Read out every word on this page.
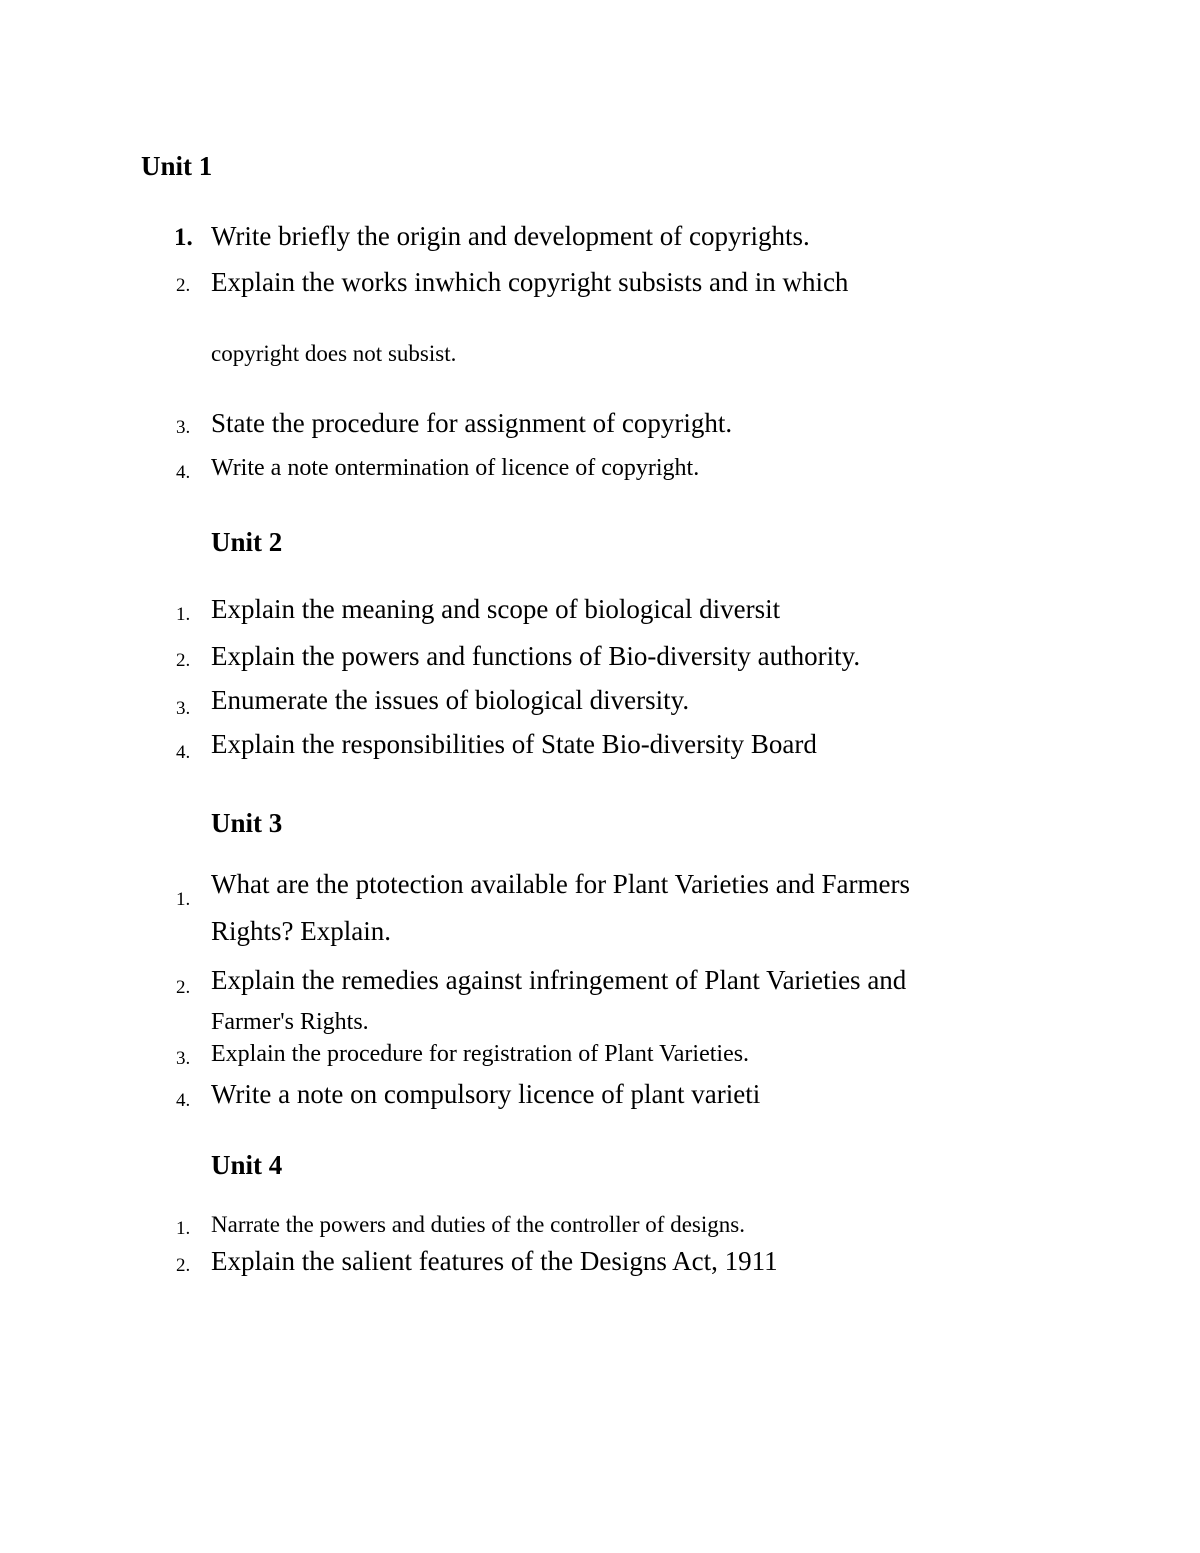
Unit 1
1. Write briefly the origin and development of copyrights.
2. Explain the works inwhich copyright subsists and in which
copyright does not subsist.
3. State the procedure for assignment of copyright.
4. Write a note ontermination of licence of copyright.
Unit 2
1. Explain the meaning and scope of biological diversit
2. Explain the powers and functions of Bio-diversity authority.
3. Enumerate the issues of biological diversity.
4. Explain the responsibilities of State Bio-diversity Board
Unit 3
1.
What are the ptotection available for Plant Varieties and Farmers
Rights? Explain.
2. Explain the remedies against infringement of Plant Varieties and
Farmer's Rights.
3. Explain the procedure for registration of Plant Varieties.
4. Write a note on compulsory licence of plant varieti
Unit 4
1. Narrate the powers and duties of the controller of designs.
2. Explain the salient features of the Designs Act, 1911
